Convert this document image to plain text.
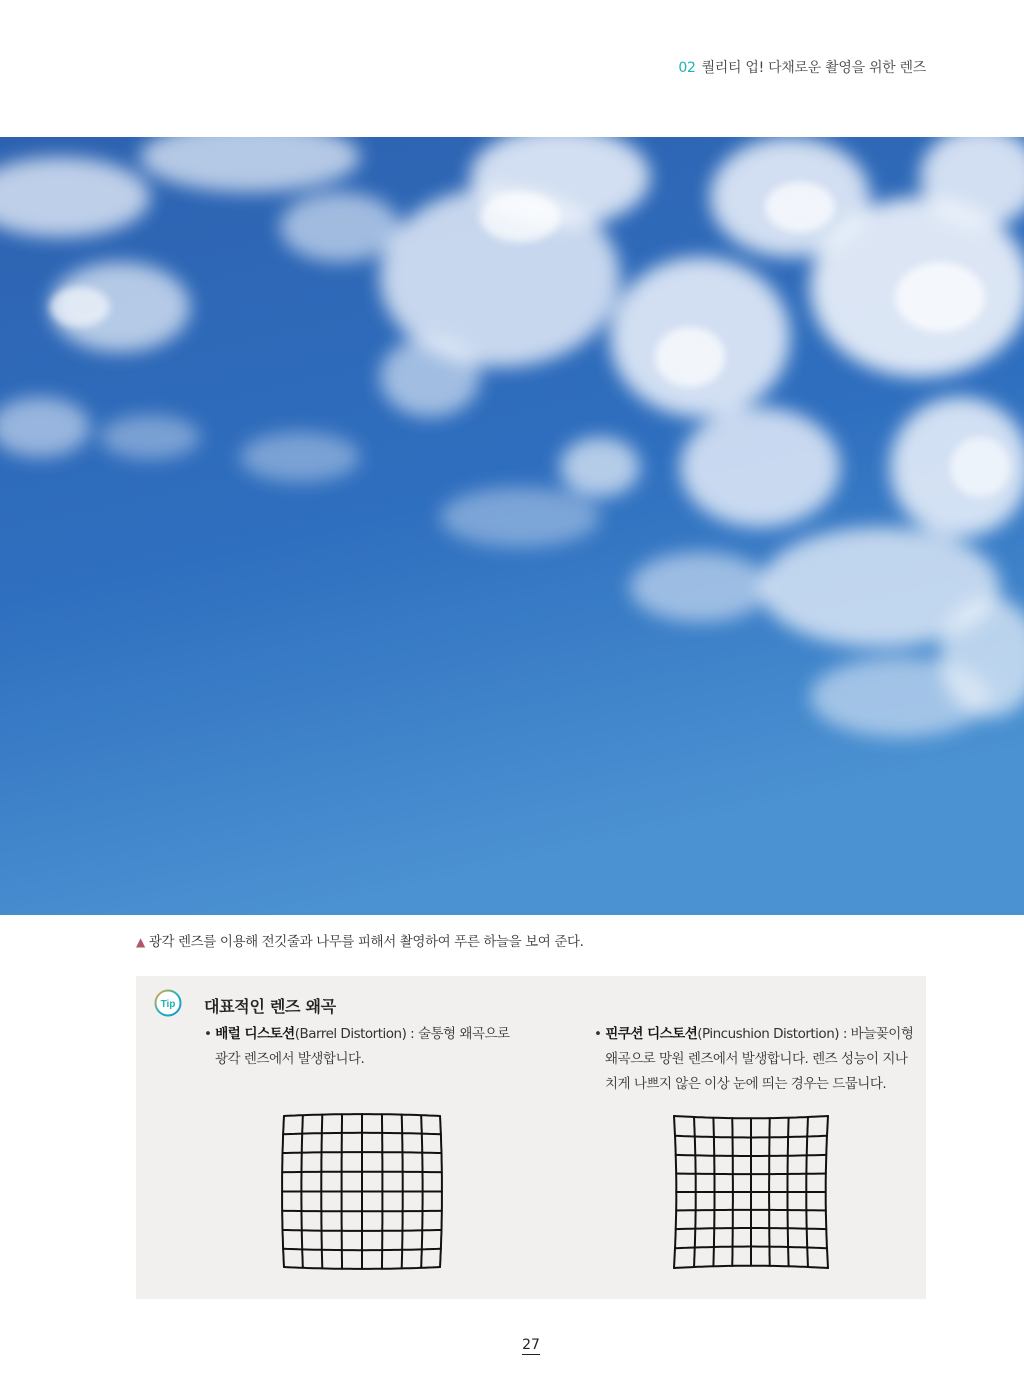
02 퀄리티 업! 다채로운 촬영을 위한 렌즈
▲ 광각 렌즈를 이용해 전깃줄과 나무를 피해서 촬영하여 푸른 하늘을 보여 준다.
Tip 대표적인 렌즈 왜곡
• 배럴 디스토션(Barrel Distortion) : 술통형 왜곡으로
광각 렌즈에서 발생합니다.
• 핀쿠션 디스토션(Pincushion Distortion) : 바늘꽂이형
왜곡으로 망원 렌즈에서 발생합니다. 렌즈 성능이 지나
치게 나쁘지 않은 이상 눈에 띄는 경우는 드뭅니다.
27
